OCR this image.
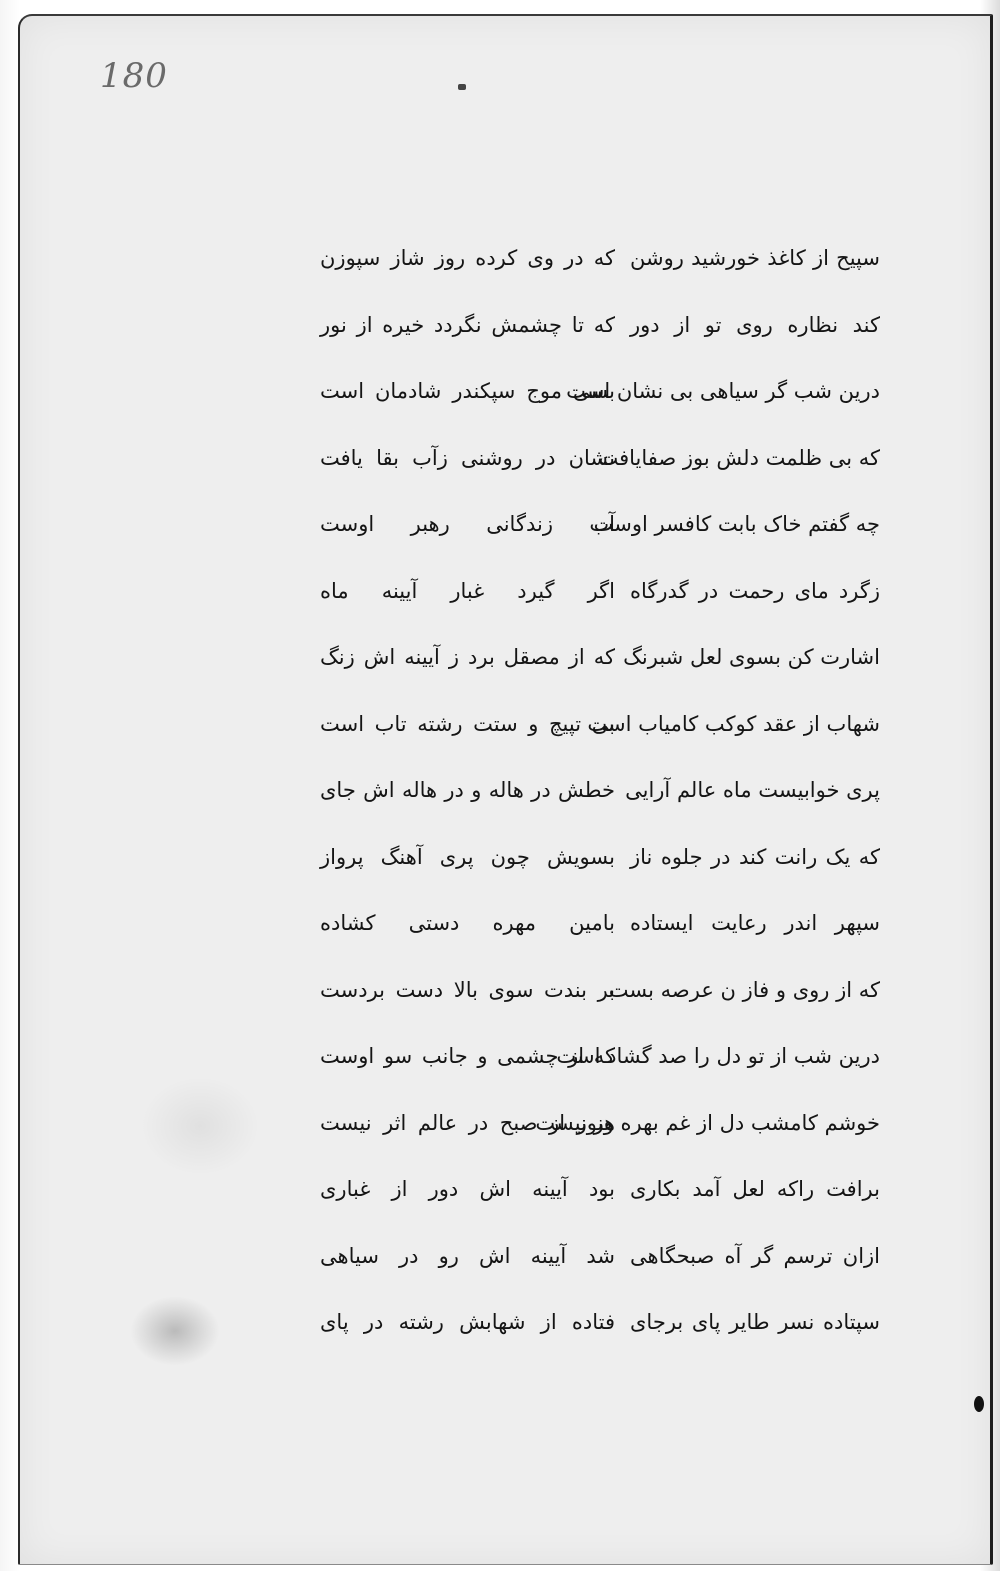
180
سپیح از کاغذ خورشید روشن
که در وی کرده روز شاز سپوزن
کند نظاره روی تو از دور
که تا چشمش نگردد خیره از نور
درین شب گر سیاهی بی نشان است
بسی موج سپکندر شادمان است
که بی ظلمت دلش بوز صفایافت
نشان در روشنی زآب بقا یافت
چه گفتم خاک بابت کافسر اوست
آب زندگانی رهبر اوست
زگرد مای رحمت در گدرگاه
اگر گیرد غبار آیینه ماه
اشارت کن بسوی لعل شبرنگ
که از مصقل برد ز آیینه اش زنگ
شهاب از عقد کوکب کامیاب است
بی تپیچ و ستت رشته تاب است
پری خوابیست ماه عالم آرایی
خطش در هاله و در هاله اش جای
که یک رانت کند در جلوه ناز
بسویش چون پری آهنگ پرواز
سپهر اندر رعایت ایستاده
بامین مهره دستی کشاده
که از روی و فاز ن عرصه بست
بر بندت سوی بالا دست بردست
درین شب از تو دل را صد گشاد است
که از چشمی و جانب سو اوست
خوشم کامشب دل از غم بهره ور نیست
هنوز از صبح در عالم اثر نیست
برافت راکه لعل آمد بکاری
بود آیینه اش دور از غباری
ازان ترسم گر آه صبحگاهی
شد آیینه اش رو در سیاهی
سپتاده نسر طایر پای برجای
فتاده از شهابش رشته در پای
